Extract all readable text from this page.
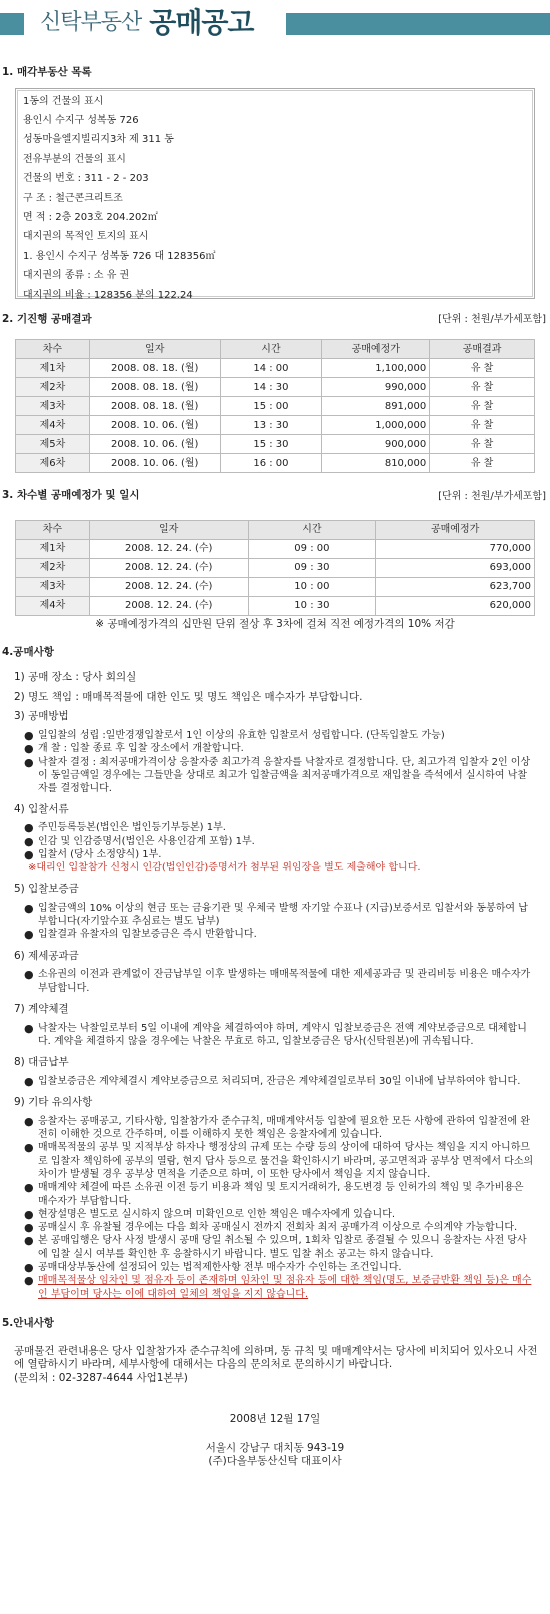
신탁부동산 공매공고
1. 매각부동산 목록
1동의 건물의 표시
용인시 수지구 성복동 726
성동마을엘지빌리지3차 제 311 동
전유부분의 건물의 표시
건물의 번호 : 311 - 2 - 203
구 조 : 철근콘크리트조
면 적 : 2층 203호 204.202㎡
대지권의 목적인 토지의 표시
1. 용인시 수지구 성복동 726 대 128356㎡
대지권의 종류 : 소 유 권
대지권의 비율 : 128356 분의 122.24
2. 기진행 공매결과	[단위 : 천원/부가세포함]
차수	일자	시간	공매예정가	공매결과
제1차	2008. 08. 18. (월)	14 : 00	1,100,000	유 찰
제2차	2008. 08. 18. (월)	14 : 30	990,000	유 찰
제3차	2008. 08. 18. (월)	15 : 00	891,000	유 찰
제4차	2008. 10. 06. (월)	13 : 30	1,000,000	유 찰
제5차	2008. 10. 06. (월)	15 : 30	900,000	유 찰
제6차	2008. 10. 06. (월)	16 : 00	810,000	유 찰
3. 차수별 공매예정가 및 일시	[단위 : 천원/부가세포함]
차수	일자	시간	공매예정가
제1차	2008. 12. 24. (수)	09 : 00	770,000
제2차	2008. 12. 24. (수)	09 : 30	693,000
제3차	2008. 12. 24. (수)	10 : 00	623,700
제4차	2008. 12. 24. (수)	10 : 30	620,000
※ 공매예정가격의 십만원 단위 절상 후 3차에 걸쳐 직전 예정가격의 10% 저감
4.공매사항
1) 공매 장소 : 당사 회의실
2) 명도 책임 : 매매목적물에 대한 인도 및 명도 책임은 매수자가 부담합니다.
3) 공매방법
● 일입찰의 성립 :일반경쟁입찰로서 1인 이상의 유효한 입찰로서 성립합니다. (단독입찰도 가능)
● 개 찰 : 입찰 종료 후 입찰 장소에서 개찰합니다.
● 낙찰자 결정 : 최저공매가격이상 응찰자중 최고가격 응찰자를 낙찰자로 결정합니다. 단, 최고가격 입찰자 2인 이상이 동일금액일 경우에는 그들만을 상대로 최고가 입찰금액을 최저공매가격으로 재입찰을 즉석에서 실시하여 낙찰자를 결정합니다.
4) 입찰서류
● 주민등록등본(법인은 법인등기부등본) 1부.
● 인감 및 인감증명서(법인은 사용인감계 포함) 1부.
● 입찰서 (당사 소정양식) 1부.
※대리인 입찰참가 신청시 인감(법인인감)증명서가 첨부된 위임장을 별도 제출해야 합니다.
5) 입찰보증금
● 입찰금액의 10% 이상의 현금 또는 금융기관 및 우체국 발행 자기앞 수표나 (지급)보증서로 입찰서와 동봉하여 납부합니다(자기앞수표 추심료는 별도 납부)
● 입찰결과 유찰자의 입찰보증금은 즉시 반환합니다.
6) 제세공과금
● 소유권의 이전과 관계없이 잔금납부일 이후 발생하는 매매목적물에 대한 제세공과금 및 관리비등 비용은 매수자가 부담합니다.
7) 계약체결
● 낙찰자는 낙찰일로부터 5일 이내에 계약을 체결하여야 하며, 계약시 입찰보증금은 전액 계약보증금으로 대체합니다. 계약을 체결하지 않을 경우에는 낙찰은 무효로 하고, 입찰보증금은 당사(신탁원본)에 귀속됩니다.
8) 대금납부
● 입찰보증금은 계약체결시 계약보증금으로 처리되며, 잔금은 계약체결일로부터 30일 이내에 납부하여야 합니다.
9) 기타 유의사항
● 응찰자는 공매공고, 기타사항, 입찰참가자 준수규칙, 매매계약서등 입찰에 필요한 모든 사항에 관하여 입찰전에 완전히 이해한 것으로 간주하며, 이를 이해하지 못한 책임은 응찰자에게 있습니다.
● 매매목적물의 공부 및 지적부상 하자나 행정상의 규제 또는 수량 등의 상이에 대하여 당사는 책임을 지지 아니하므로 입찰자 책임하에 공부의 열람, 현지 답사 등으로 물건을 확인하시기 바라며, 공고면적과 공부상 면적에서 다소의 차이가 발생될 경우 공부상 면적을 기준으로 하며, 이 또한 당사에서 책임을 지지 않습니다.
● 매매계약 체결에 따른 소유권 이전 등기 비용과 책임 및 토지거래허가, 용도변경 등 인허가의 책임 및 추가비용은 매수자가 부담합니다.
● 현장설명은 별도로 실시하지 않으며 미확인으로 인한 책임은 매수자에게 있습니다.
● 공매실시 후 유찰될 경우에는 다음 회차 공매실시 전까지 전회차 최저 공매가격 이상으로 수의계약 가능합니다.
● 본 공매입행은 당사 사정 발생시 공매 당일 취소될 수 있으며, 1회차 입찰로 종결될 수 있으니 응찰자는 사전 당사에 입찰 실시 여부를 확인한 후 응찰하시기 바랍니다. 별도 입찰 취소 공고는 하지 않습니다.
● 공매대상부동산에 설정되어 있는 법적제한사항 전부 매수자가 수인하는 조건입니다.
● 매매목적물상 임차인 및 점유자 등이 존재하며 임차인 및 점유자 등에 대한 책임(명도, 보증금반환 책임 등)은 매수인 부담이며 당사는 이에 대하여 일체의 책임을 지지 않습니다.
5.안내사항
공매물건 관련내용은 당사 입찰참가자 준수규칙에 의하며, 동 규칙 및 매매계약서는 당사에 비치되어 있사오니 사전에 열람하시기 바라며, 세부사항에 대해서는 다음의 문의처로 문의하시기 바랍니다.
(문의처 : 02-3287-4644 사업1본부)
2008년 12월 17일
서울시 강남구 대치동 943-19
(주)다올부동산신탁 대표이사
